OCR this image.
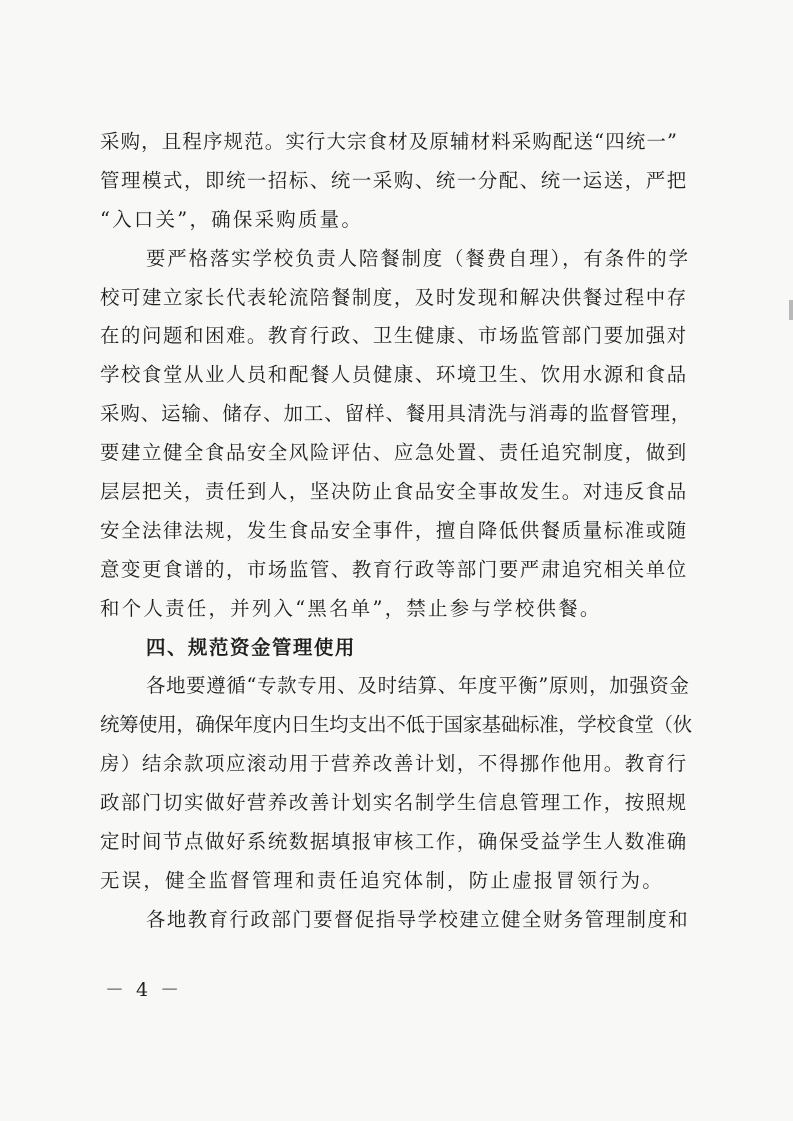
采购，且程序规范。实行大宗食材及原辅材料采购配送“四统一”
管理模式，即统一招标、统一采购、统一分配、统一运送，严把
“入口关”，确保采购质量。
要严格落实学校负责人陪餐制度（餐费自理），有条件的学
校可建立家长代表轮流陪餐制度，及时发现和解决供餐过程中存
在的问题和困难。教育行政、卫生健康、市场监管部门要加强对
学校食堂从业人员和配餐人员健康、环境卫生、饮用水源和食品
采购、运输、储存、加工、留样、餐用具清洗与消毒的监督管理，
要建立健全食品安全风险评估、应急处置、责任追究制度，做到
层层把关，责任到人，坚决防止食品安全事故发生。对违反食品
安全法律法规，发生食品安全事件，擅自降低供餐质量标准或随
意变更食谱的，市场监管、教育行政等部门要严肃追究相关单位
和个人责任，并列入“黑名单”，禁止参与学校供餐。
四、规范资金管理使用
各地要遵循“专款专用、及时结算、年度平衡”原则，加强资金
统筹使用，确保年度内日生均支出不低于国家基础标准，学校食堂（伙
房）结余款项应滚动用于营养改善计划，不得挪作他用。教育行
政部门切实做好营养改善计划实名制学生信息管理工作，按照规
定时间节点做好系统数据填报审核工作，确保受益学生人数准确
无误，健全监督管理和责任追究体制，防止虚报冒领行为。
各地教育行政部门要督促指导学校建立健全财务管理制度和
－ 4 －
